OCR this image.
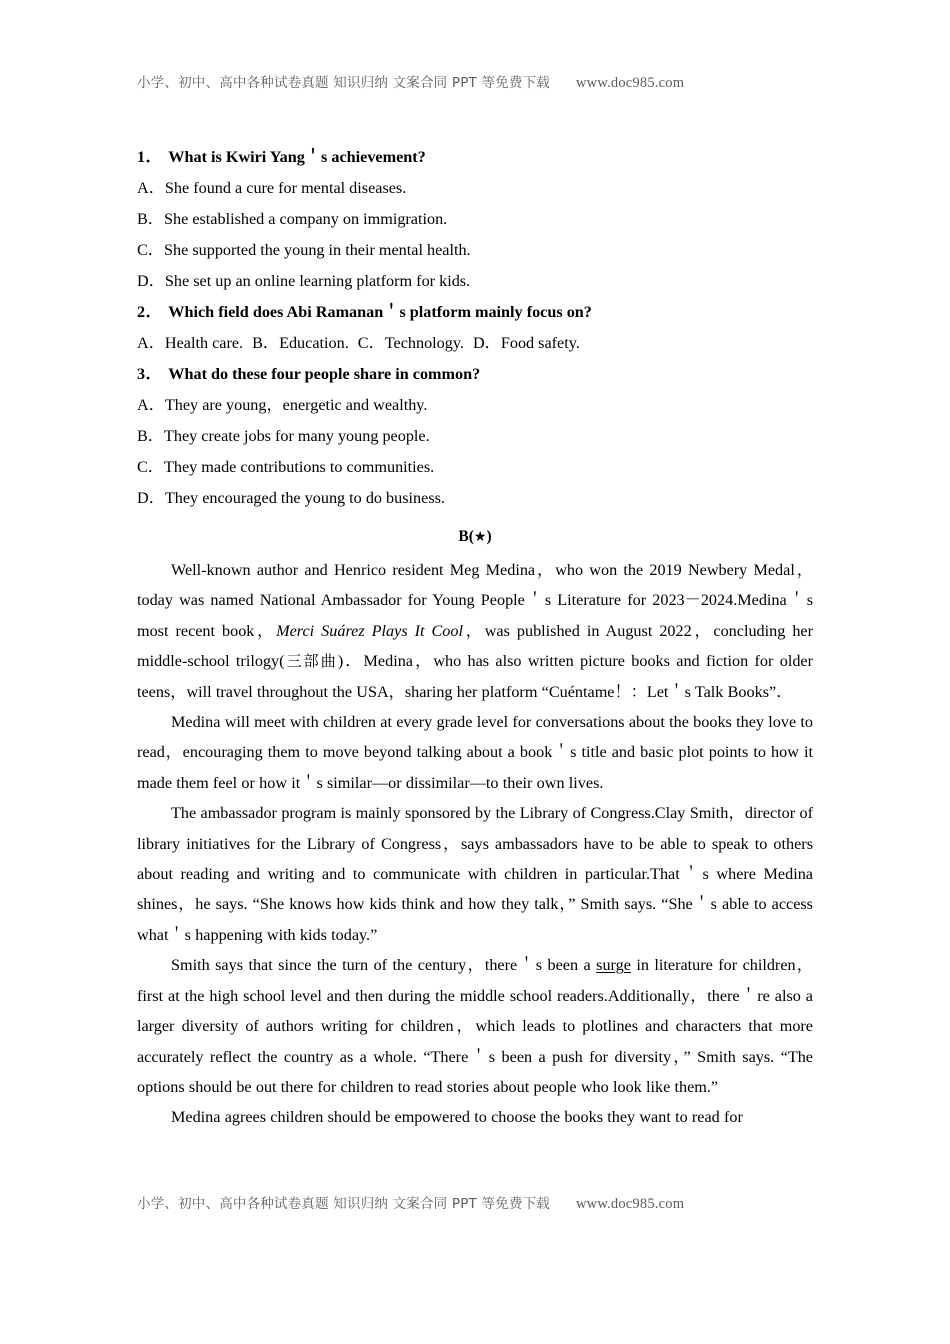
小学、初中、高中各种试卷真题 知识归纳 文案合同 PPT 等免费下载 www.doc985.com

1． What is Kwiri Yang＇s achievement?

A．She found a cure for mental diseases.

B．She established a company on immigration.

C．She supported the young in their mental health.

D．She set up an online learning platform for kids.

2． Which field does Abi Ramanan＇s platform mainly focus on?

A．Health care. B．Education. C．Technology. D．Food safety.

3． What do these four people share in common?

A．They are young，energetic and wealthy.

B．They create jobs for many young people.

C．They made contributions to communities.

D．They encouraged the young to do business.

B(★)

Well-known author and Henrico resident Meg Medina，who won the 2019 Newbery Medal，today was named National Ambassador for Young People＇s Literature for 2023－2024.Medina＇s most recent book，Merci Suárez Plays It Cool，was published in August 2022，concluding her middle-school trilogy(三部曲)．Medina，who has also written picture books and fiction for older teens，will travel throughout the USA，sharing her platform “Cuéntame！：Let＇s Talk Books”．

Medina will meet with children at every grade level for conversations about the books they love to read，encouraging them to move beyond talking about a book＇s title and basic plot points to how it made them feel or how it＇s similar—or dissimilar—to their own lives.

The ambassador program is mainly sponsored by the Library of Congress.Clay Smith，director of library initiatives for the Library of Congress，says ambassadors have to be able to speak to others about reading and writing and to communicate with children in particular.That＇s where Medina shines，he says. “She knows how kids think and how they talk，” Smith says. “She＇s able to access what＇s happening with kids today.”

Smith says that since the turn of the century，there＇s been a surge in literature for children，first at the high school level and then during the middle school readers.Additionally，there＇re also a larger diversity of authors writing for children，which leads to plotlines and characters that more accurately reflect the country as a whole. “There＇s been a push for diversity，” Smith says. “The options should be out there for children to read stories about people who look like them.”

Medina agrees children should be empowered to choose the books they want to read for

小学、初中、高中各种试卷真题 知识归纳 文案合同 PPT 等免费下载 www.doc985.com
